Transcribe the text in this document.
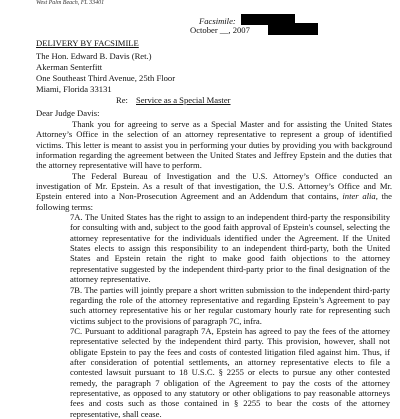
West Palm Beach, FL 33401
Facsimile:
October __, 2007
DELIVERY BY FACSIMILE
The Hon. Edward B. Davis (Ret.)
Akerman Senterfitt
One Southeast Third Avenue, 25th Floor
Miami, Florida 33131
Re: Service as a Special Master
Dear Judge Davis:

Thank you for agreeing to serve as a Special Master and for assisting the United States Attorney’s Office in the selection of an attorney representative to represent a group of identified victims. This letter is meant to assist you in performing your duties by providing you with background information regarding the agreement between the United States and Jeffrey Epstein and the duties that the attorney representative will have to perform.

The Federal Bureau of Investigation and the U.S. Attorney’s Office conducted an investigation of Mr. Epstein. As a result of that investigation, the U.S. Attorney’s Office and Mr. Epstein entered into a Non-Prosecution Agreement and an Addendum that contains, inter alia, the following terms:

7A. The United States has the right to assign to an independent third-party the responsibility for consulting with and, subject to the good faith approval of Epstein's counsel, selecting the attorney representative for the individuals identified under the Agreement. If the United States elects to assign this responsibility to an independent third-party, both the United States and Epstein retain the right to make good faith objections to the attorney representative suggested by the independent third-party prior to the final designation of the attorney representative.

7B. The parties will jointly prepare a short written submission to the independent third-party regarding the role of the attorney representative and regarding Epstein’s Agreement to pay such attorney representative his or her regular customary hourly rate for representing such victims subject to the provisions of paragraph 7C, infra.

7C. Pursuant to additional paragraph 7A, Epstein has agreed to pay the fees of the attorney representative selected by the independent third party. This provision, however, shall not obligate Epstein to pay the fees and costs of contested litigation filed against him. Thus, if after consideration of potential settlements, an attorney representative elects to file a contested lawsuit pursuant to 18 U.S.C. § 2255 or elects to pursue any other contested remedy, the paragraph 7 obligation of the Agreement to pay the costs of the attorney representative, as opposed to any statutory or other obligations to pay reasonable attorneys fees and costs such as those contained in § 2255 to bear the costs of the attorney representative, shall cease.
